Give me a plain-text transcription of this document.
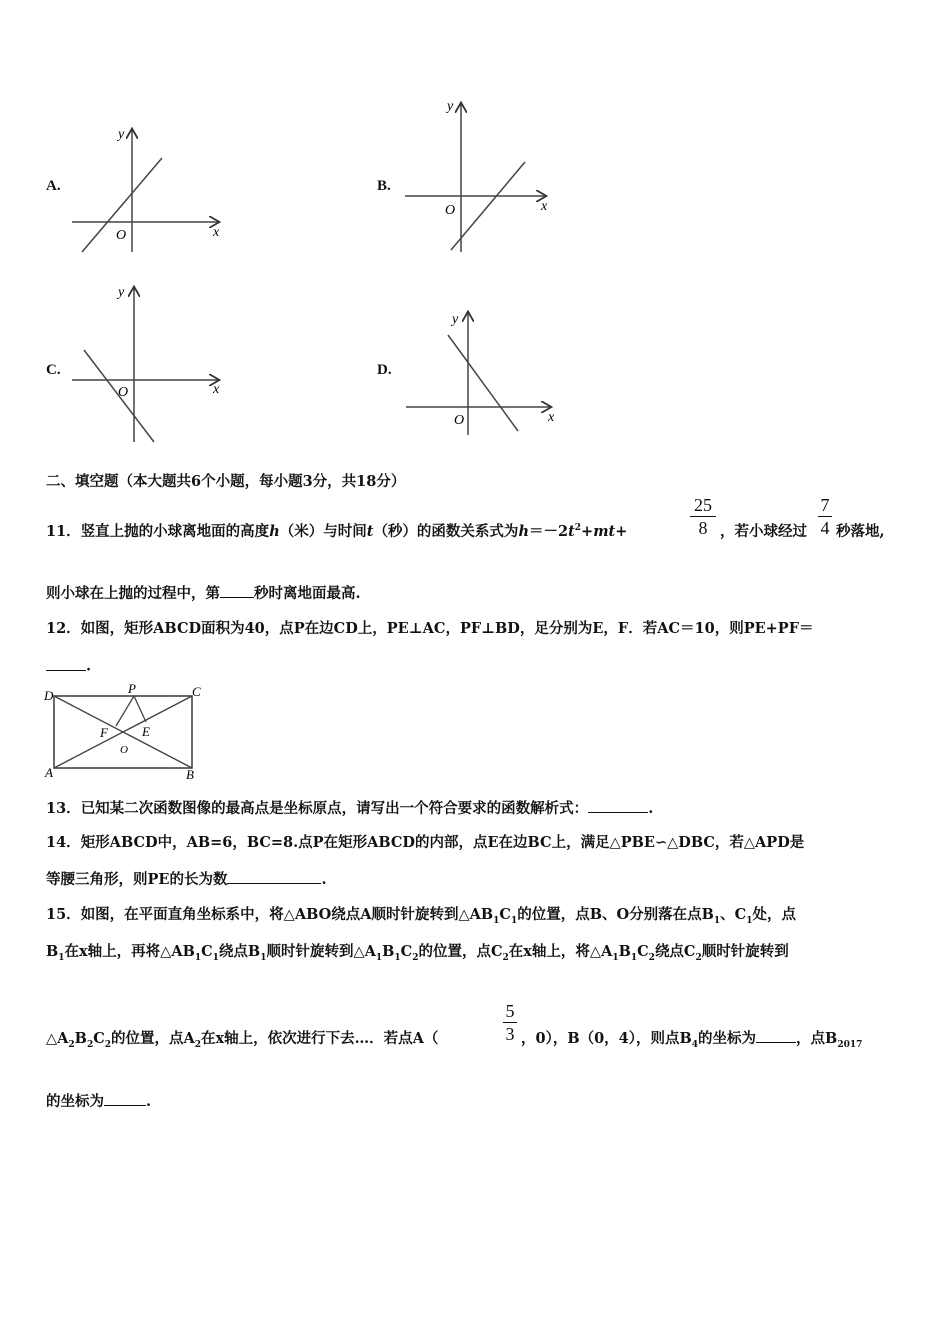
A.	B.
C.	D.
x
y
O
x
y
O
x
y
O
x
y
O
二、填空题（本大题共6个小题，每小题3分，共18分）
11．竖直上抛的小球离地面的高度h（米）与时间t（秒）的函数关系式为$h=-2t^2+mt+$	$\frac{25}{8}$ ，若小球经过 $\frac{7}{4}$ 秒落地,
则小球在上抛的过程中，第 秒时离地面最高.
12．如图，矩形ABCD面积为40，点P在边CD上，PE⊥AC，PF⊥BD，足分别为E，F．若AC＝10，则PE+PF＝
.
D	P	C
F	E
O
A	B
13．已知某二次函数图像的最高点是坐标原点，请写出一个符合要求的函数解析式：	.
14．矩形ABCD中，AB=6，BC=8.点P在矩形ABCD的内部，点E在边BC上，满足△PBE∽△DBC，若△APD是
等腰三角形，则PE的长为数	.
15．如图，在平面直角坐标系中，将△ABO绕点A顺时针旋转到$\triangle AB_1C_1$的位置，点B、O分别落在点$B_1$、$C_1$处，点
$B_1$在x轴上，再将$\triangle AB_1C_1$绕点$B_1$顺时针旋转到$\triangle A_1B_1C_2$的位置，点$C_2$在x轴上，将$\triangle A_1B_1C_2$绕点$C_2$顺时针旋转到
$\triangle A_2B_2C_2$的位置，点$A_2$在x轴上，依次进行下去…．若点A（	$\frac{5}{3}$ ，0），B（0，4），则点$B_4$的坐标为	，点$B_{2017}$
的坐标为	.
